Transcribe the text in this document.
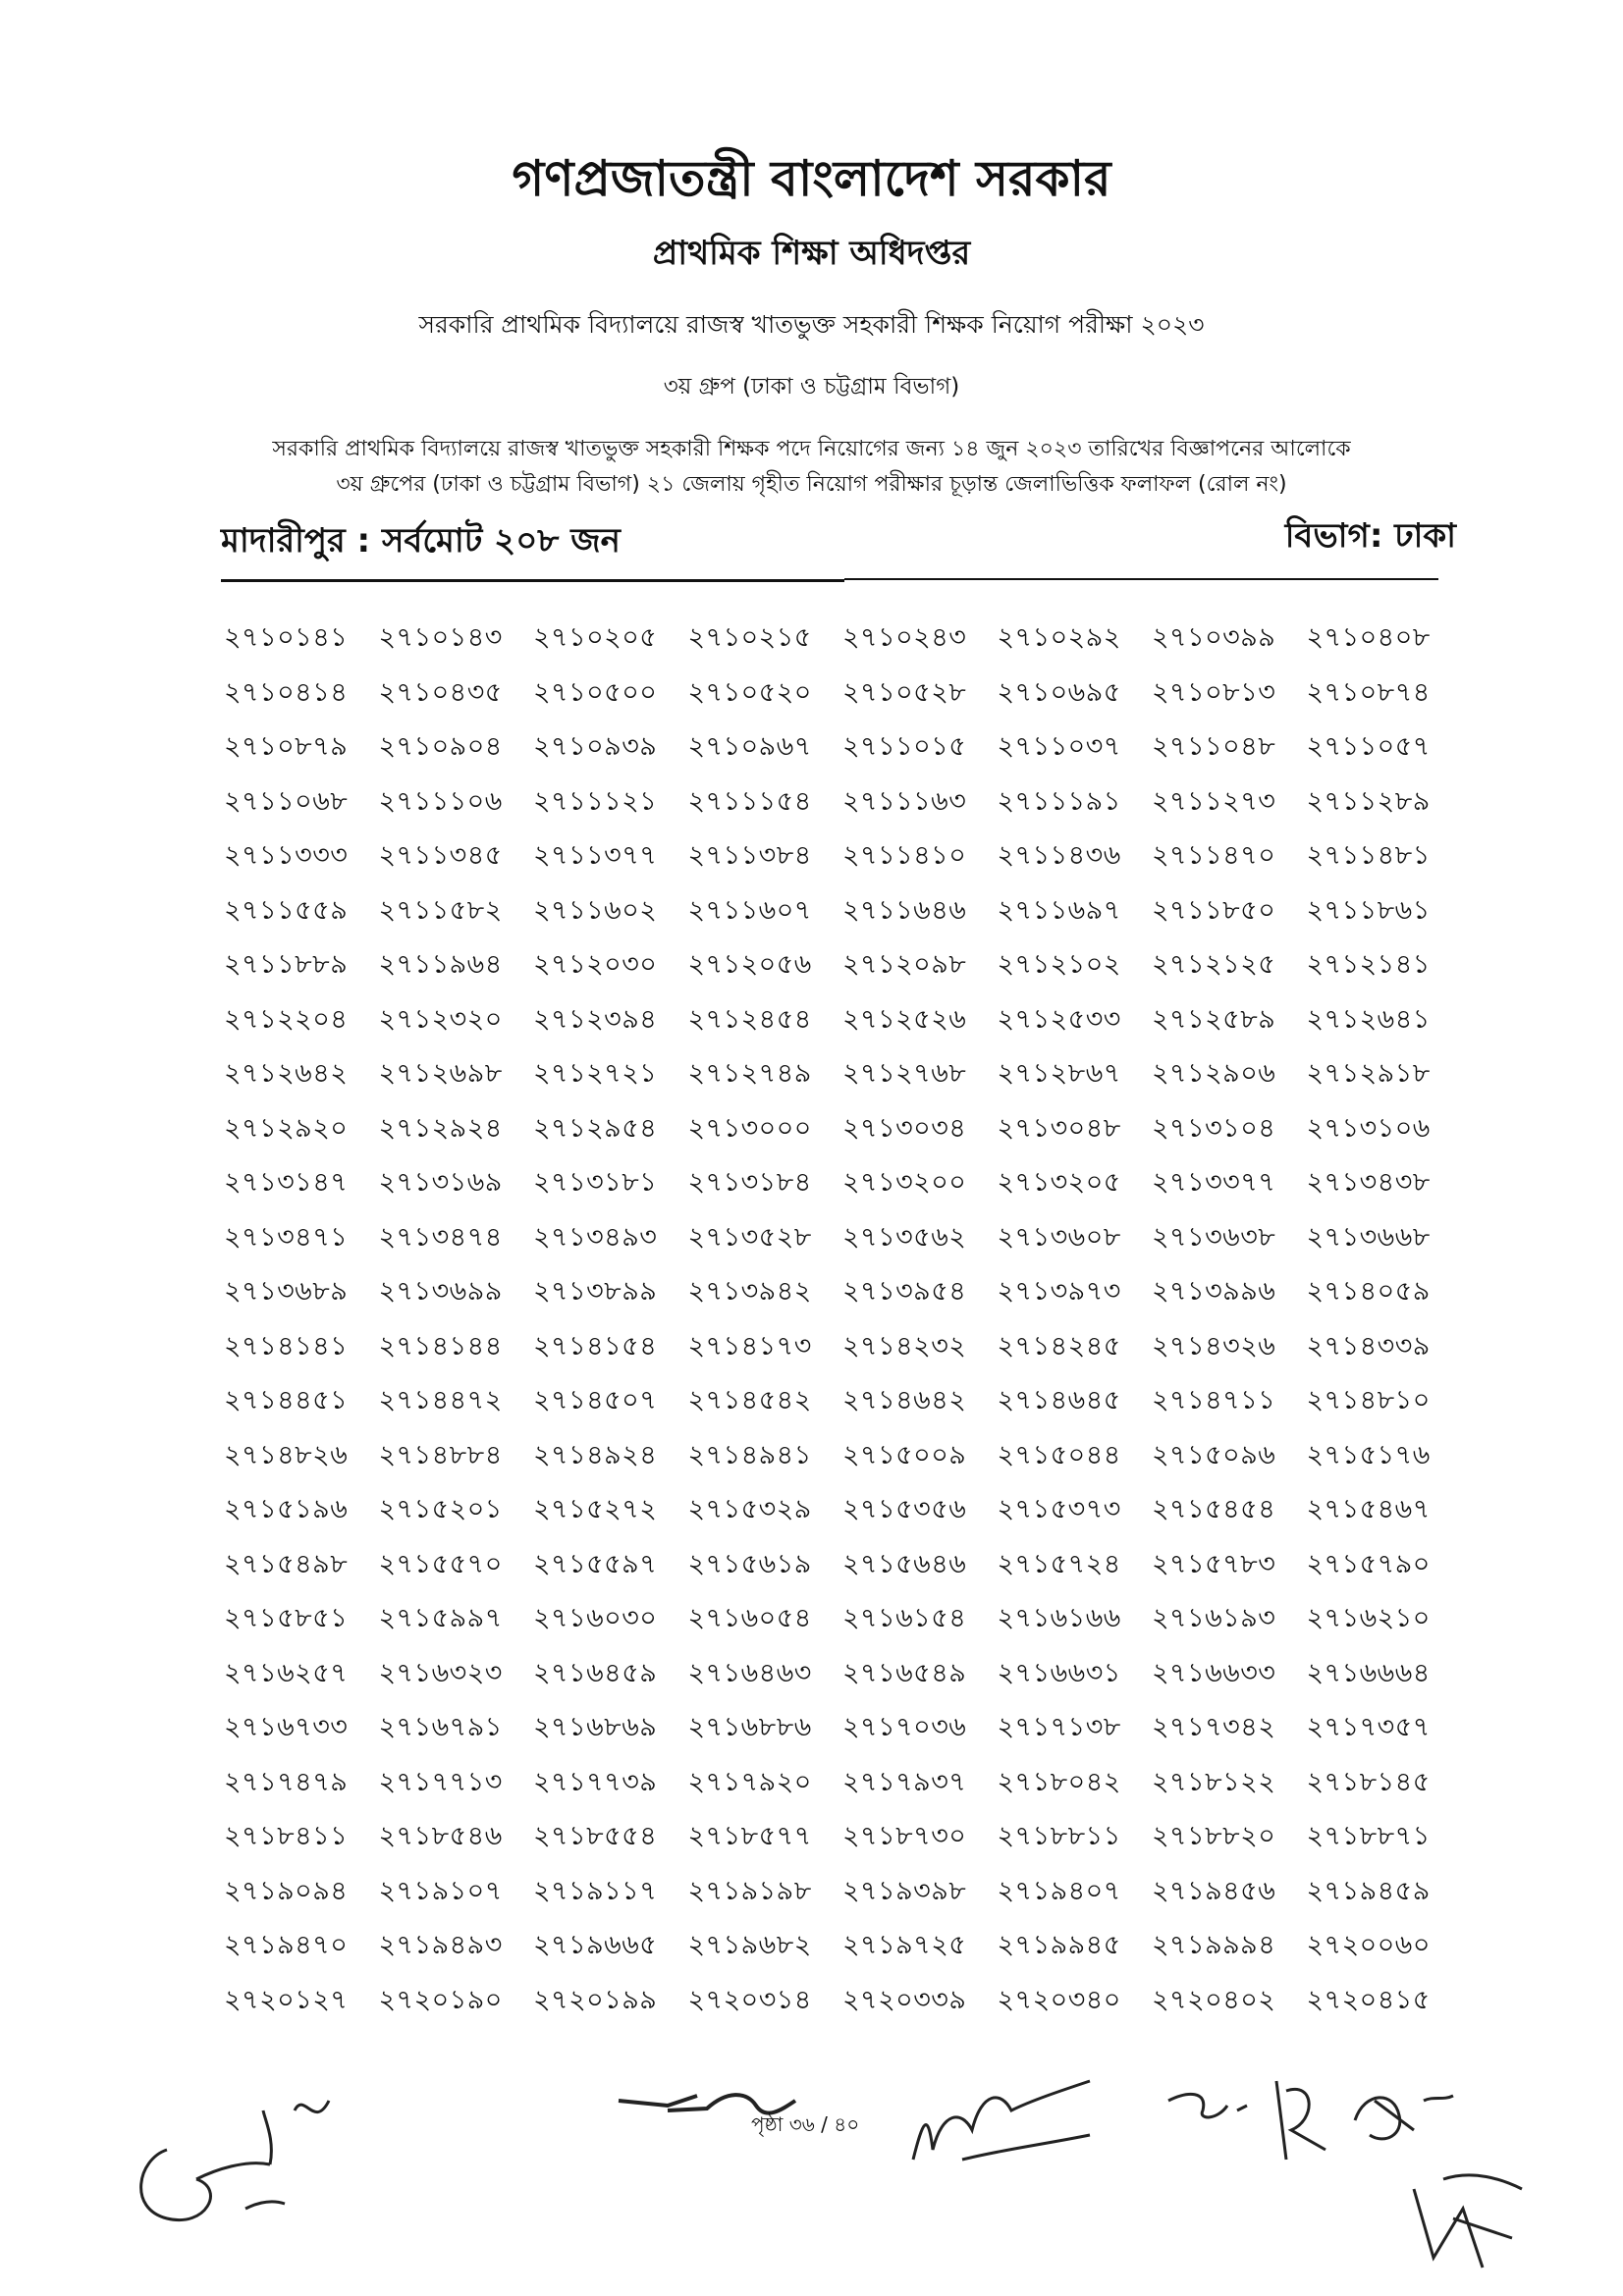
গণপ্রজাতন্ত্রী বাংলাদেশ সরকার
প্রাথমিক শিক্ষা অধিদপ্তর
সরকারি প্রাথমিক বিদ্যালয়ে রাজস্ব খাতভুক্ত সহকারী শিক্ষক নিয়োগ পরীক্ষা ২০২৩
৩য় গ্রুপ (ঢাকা ও চট্টগ্রাম বিভাগ)
সরকারি প্রাথমিক বিদ্যালয়ে রাজস্ব খাতভুক্ত সহকারী শিক্ষক পদে নিয়োগের জন্য ১৪ জুন ২০২৩ তারিখের বিজ্ঞাপনের আলোকে
৩য় গ্রুপের (ঢাকা ও চট্টগ্রাম বিভাগ) ২১ জেলায় গৃহীত নিয়োগ পরীক্ষার চূড়ান্ত জেলাভিত্তিক ফলাফল (রোল নং)
মাদারীপুর : সর্বমোট ২০৮ জন	বিভাগ: ঢাকা
২৭১০১৪১	২৭১০১৪৩	২৭১০২০৫	২৭১০২১৫	২৭১০২৪৩	২৭১০২৯২	২৭১০৩৯৯	২৭১০৪০৮
২৭১০৪১৪	২৭১০৪৩৫	২৭১০৫০০	২৭১০৫২০	২৭১০৫২৮	২৭১০৬৯৫	২৭১০৮১৩	২৭১০৮৭৪
২৭১০৮৭৯	২৭১০৯০৪	২৭১০৯৩৯	২৭১০৯৬৭	২৭১১০১৫	২৭১১০৩৭	২৭১১০৪৮	২৭১১০৫৭
২৭১১০৬৮	২৭১১১০৬	২৭১১১২১	২৭১১১৫৪	২৭১১১৬৩	২৭১১১৯১	২৭১১২৭৩	২৭১১২৮৯
২৭১১৩৩৩	২৭১১৩৪৫	২৭১১৩৭৭	২৭১১৩৮৪	২৭১১৪১০	২৭১১৪৩৬	২৭১১৪৭০	২৭১১৪৮১
২৭১১৫৫৯	২৭১১৫৮২	২৭১১৬০২	২৭১১৬০৭	২৭১১৬৪৬	২৭১১৬৯৭	২৭১১৮৫০	২৭১১৮৬১
২৭১১৮৮৯	২৭১১৯৬৪	২৭১২০৩০	২৭১২০৫৬	২৭১২০৯৮	২৭১২১০২	২৭১২১২৫	২৭১২১৪১
২৭১২২০৪	২৭১২৩২০	২৭১২৩৯৪	২৭১২৪৫৪	২৭১২৫২৬	২৭১২৫৩৩	২৭১২৫৮৯	২৭১২৬৪১
২৭১২৬৪২	২৭১২৬৯৮	২৭১২৭২১	২৭১২৭৪৯	২৭১২৭৬৮	২৭১২৮৬৭	২৭১২৯০৬	২৭১২৯১৮
২৭১২৯২০	২৭১২৯২৪	২৭১২৯৫৪	২৭১৩০০০	২৭১৩০৩৪	২৭১৩০৪৮	২৭১৩১০৪	২৭১৩১০৬
২৭১৩১৪৭	২৭১৩১৬৯	২৭১৩১৮১	২৭১৩১৮৪	২৭১৩২০০	২৭১৩২০৫	২৭১৩৩৭৭	২৭১৩৪৩৮
২৭১৩৪৭১	২৭১৩৪৭৪	২৭১৩৪৯৩	২৭১৩৫২৮	২৭১৩৫৬২	২৭১৩৬০৮	২৭১৩৬৩৮	২৭১৩৬৬৮
২৭১৩৬৮৯	২৭১৩৬৯৯	২৭১৩৮৯৯	২৭১৩৯৪২	২৭১৩৯৫৪	২৭১৩৯৭৩	২৭১৩৯৯৬	২৭১৪০৫৯
২৭১৪১৪১	২৭১৪১৪৪	২৭১৪১৫৪	২৭১৪১৭৩	২৭১৪২৩২	২৭১৪২৪৫	২৭১৪৩২৬	২৭১৪৩৩৯
২৭১৪৪৫১	২৭১৪৪৭২	২৭১৪৫০৭	২৭১৪৫৪২	২৭১৪৬৪২	২৭১৪৬৪৫	২৭১৪৭১১	২৭১৪৮১০
২৭১৪৮২৬	২৭১৪৮৮৪	২৭১৪৯২৪	২৭১৪৯৪১	২৭১৫০০৯	২৭১৫০৪৪	২৭১৫০৯৬	২৭১৫১৭৬
২৭১৫১৯৬	২৭১৫২০১	২৭১৫২৭২	২৭১৫৩২৯	২৭১৫৩৫৬	২৭১৫৩৭৩	২৭১৫৪৫৪	২৭১৫৪৬৭
২৭১৫৪৯৮	২৭১৫৫৭০	২৭১৫৫৯৭	২৭১৫৬১৯	২৭১৫৬৪৬	২৭১৫৭২৪	২৭১৫৭৮৩	২৭১৫৭৯০
২৭১৫৮৫১	২৭১৫৯৯৭	২৭১৬০৩০	২৭১৬০৫৪	২৭১৬১৫৪	২৭১৬১৬৬	২৭১৬১৯৩	২৭১৬২১০
২৭১৬২৫৭	২৭১৬৩২৩	২৭১৬৪৫৯	২৭১৬৪৬৩	২৭১৬৫৪৯	২৭১৬৬৩১	২৭১৬৬৩৩	২৭১৬৬৬৪
২৭১৬৭৩৩	২৭১৬৭৯১	২৭১৬৮৬৯	২৭১৬৮৮৬	২৭১৭০৩৬	২৭১৭১৩৮	২৭১৭৩৪২	২৭১৭৩৫৭
২৭১৭৪৭৯	২৭১৭৭১৩	২৭১৭৭৩৯	২৭১৭৯২০	২৭১৭৯৩৭	২৭১৮০৪২	২৭১৮১২২	২৭১৮১৪৫
২৭১৮৪১১	২৭১৮৫৪৬	২৭১৮৫৫৪	২৭১৮৫৭৭	২৭১৮৭৩০	২৭১৮৮১১	২৭১৮৮২০	২৭১৮৮৭১
২৭১৯০৯৪	২৭১৯১০৭	২৭১৯১১৭	২৭১৯১৯৮	২৭১৯৩৯৮	২৭১৯৪০৭	২৭১৯৪৫৬	২৭১৯৪৫৯
২৭১৯৪৭০	২৭১৯৪৯৩	২৭১৯৬৬৫	২৭১৯৬৮২	২৭১৯৭২৫	২৭১৯৯৪৫	২৭১৯৯৯৪	২৭২০০৬০
২৭২০১২৭	২৭২০১৯০	২৭২০১৯৯	২৭২০৩১৪	২৭২০৩৩৯	২৭২০৩৪০	২৭২০৪০২	২৭২০৪১৫
পৃষ্ঠা ৩৬ / ৪০
